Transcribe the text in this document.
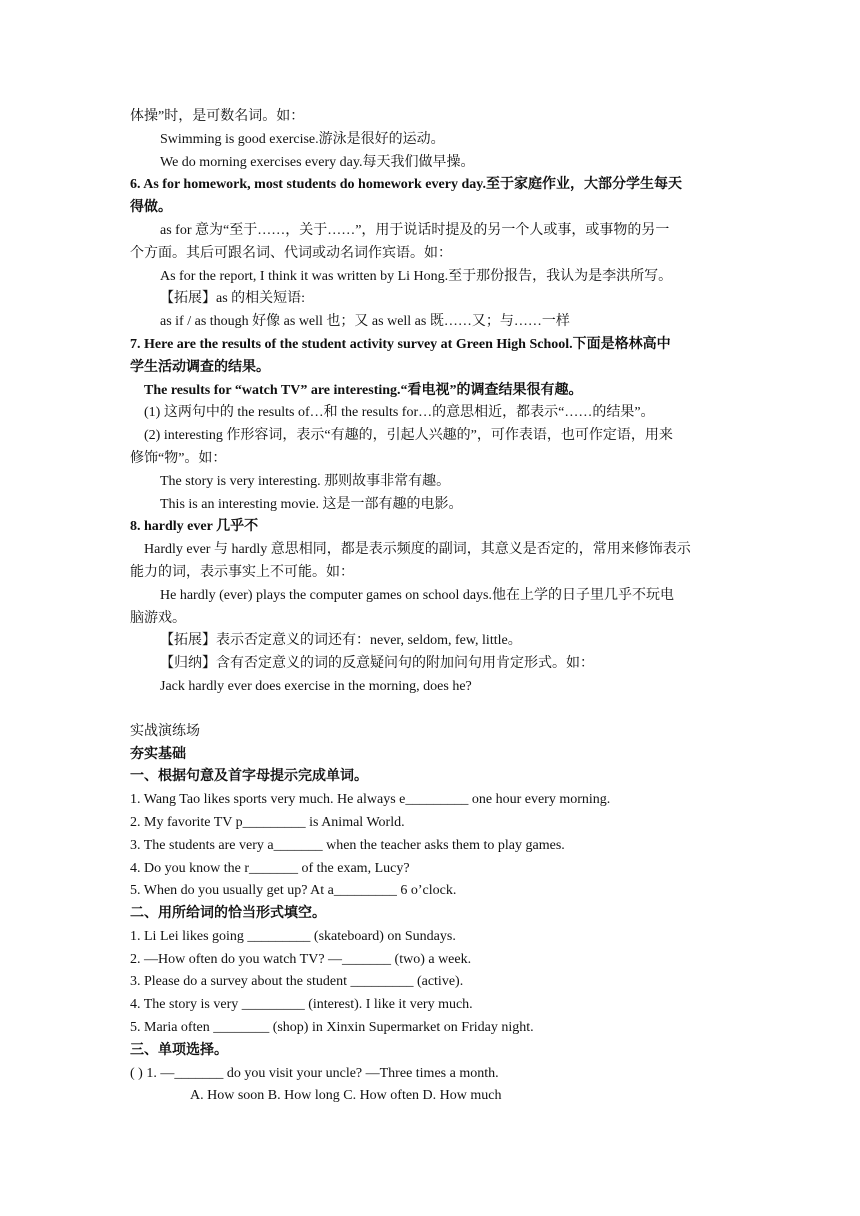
体操”时，是可数名词。如：
Swimming is good exercise.游泳是很好的运动。
We do morning exercises every day.每天我们做早操。
6. As for homework, most students do homework every day.至于家庭作业，大部分学生每天
得做。
as for 意为“至于……，关于……”，用于说话时提及的另一个人或事，或事物的另一
个方面。其后可跟名词、代词或动名词作宾语。如：
As for the report, I think it was written by Li Hong.至于那份报告，我认为是李洪所写。
【拓展】as 的相关短语:
as if / as though 好像 as well 也；又 as well as 既……又；与……一样
7. Here are the results of the student activity survey at Green High School.下面是格林高中
学生活动调查的结果。
The results for “watch TV” are interesting.“看电视”的调查结果很有趣。
(1) 这两句中的 the results of…和 the results for…的意思相近，都表示“……的结果”。
(2) interesting 作形容词，表示“有趣的，引起人兴趣的”，可作表语，也可作定语，用来
修饰“物”。如：
The story is very interesting. 那则故事非常有趣。
This is an interesting movie. 这是一部有趣的电影。
8. hardly ever 几乎不
Hardly ever 与 hardly 意思相同，都是表示频度的副词，其意义是否定的，常用来修饰表示
能力的词，表示事实上不可能。如：
He hardly (ever) plays the computer games on school days.他在上学的日子里几乎不玩电
脑游戏。
【拓展】表示否定意义的词还有：never, seldom, few, little。
【归纳】含有否定意义的词的反意疑问句的附加问句用肯定形式。如：
Jack hardly ever does exercise in the morning, does he?
实战演练场
夯实基础
一、根据句意及首字母提示完成单词。
1. Wang Tao likes sports very much. He always e_________ one hour every morning.
2. My favorite TV p_________ is Animal World.
3. The students are very a_______ when the teacher asks them to play games.
4. Do you know the r_______ of the exam, Lucy?
5. When do you usually get up? At a_________ 6 o’clock.
二、用所给词的恰当形式填空。
1. Li Lei likes going _________ (skateboard) on Sundays.
2. —How often do you watch TV? —_______ (two) a week.
3. Please do a survey about the student _________ (active).
4. The story is very _________ (interest). I like it very much.
5. Maria often ________ (shop) in Xinxin Supermarket on Friday night.
三、单项选择。
( ) 1. —_______ do you visit your uncle? —Three times a month.
A. How soon B. How long C. How often D. How much
